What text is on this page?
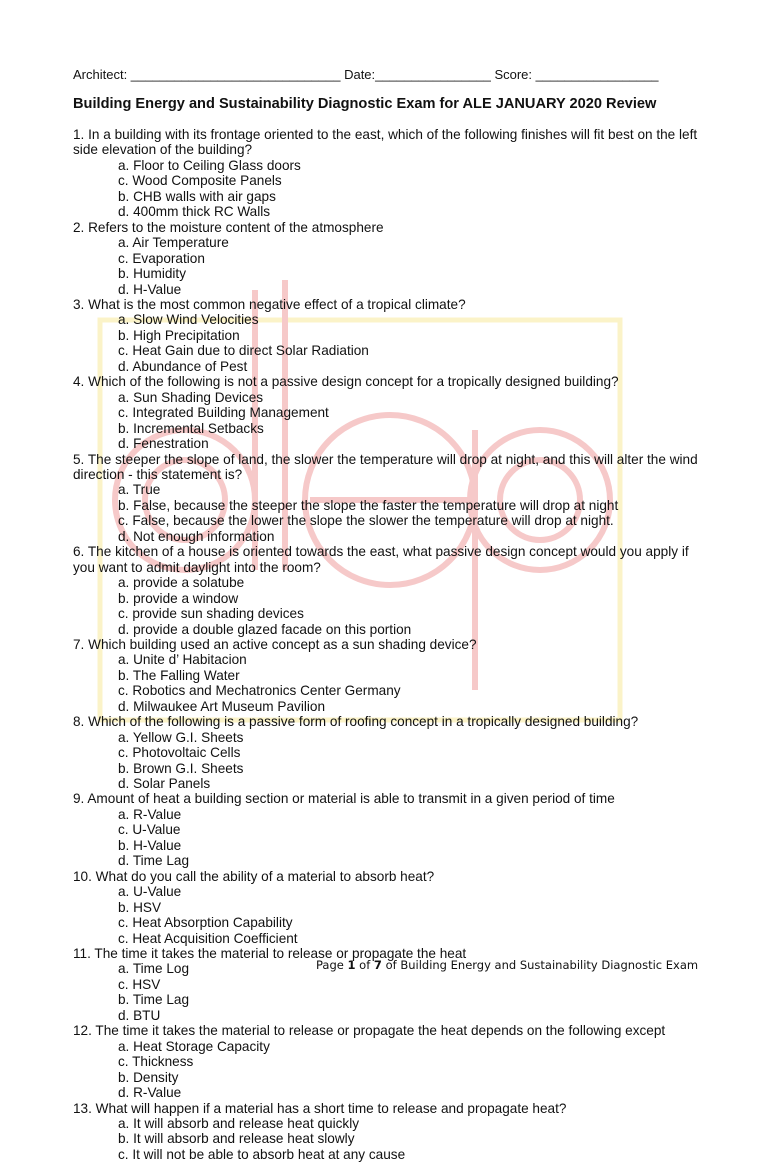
Architect: _____________________________ Date:________________ Score: _________________
Building Energy and Sustainability Diagnostic Exam for ALE JANUARY 2020 Review
1. In a building with its frontage oriented to the east, which of the following finishes will fit best on the left side elevation of the building?
a. Floor to Ceiling Glass doors
c. Wood Composite Panels
b. CHB walls with air gaps
d. 400mm thick RC Walls
2. Refers to the moisture content of the atmosphere
a. Air Temperature
c. Evaporation
b. Humidity
d. H-Value
3. What is the most common negative effect of a tropical climate?
a. Slow Wind Velocities
b. High Precipitation
c. Heat Gain due to direct Solar Radiation
d. Abundance of Pest
4. Which of the following is not a passive design concept for a tropically designed building?
a. Sun Shading Devices
c. Integrated Building Management
b. Incremental Setbacks
d. Fenestration
5. The steeper the slope of land, the slower the temperature will drop at night, and this will alter the wind direction - this statement is?
a. True
b. False, because the steeper the slope the faster the temperature will drop at night
c. False, because the lower the slope the slower the temperature will drop at night.
d. Not enough information
6. The kitchen of a house is oriented towards the east, what passive design concept would you apply if you want to admit daylight into the room?
a. provide a solatube
b. provide a window
c. provide sun shading devices
d. provide a double glazed facade on this portion
7. Which building used an active concept as a sun shading device?
a. Unite d’ Habitacion
b. The Falling Water
c. Robotics and Mechatronics Center Germany
d. Milwaukee Art Museum Pavilion
8. Which of the following is a passive form of roofing concept in a tropically designed building?
a. Yellow G.I. Sheets
c. Photovoltaic Cells
b. Brown G.I. Sheets
d. Solar Panels
9. Amount of heat a building section or material is able to transmit in a given period of time
a. R-Value
c. U-Value
b. H-Value
d. Time Lag
10. What do you call the ability of a material to absorb heat?
a. U-Value
b. HSV
c. Heat Absorption Capability
c. Heat Acquisition Coefficient
11. The time it takes the material to release or propagate the heat
a. Time Log
c. HSV
b. Time Lag
d. BTU
12. The time it takes the material to release or propagate the heat depends on the following except
a. Heat Storage Capacity
c. Thickness
b. Density
d. R-Value
13. What will happen if a material has a short time to release and propagate heat?
a. It will absorb and release heat quickly
b. It will absorb and release heat slowly
c. It will not be able to absorb heat at any cause
Page 1 of 7 of Building Energy and Sustainability Diagnostic Exam
